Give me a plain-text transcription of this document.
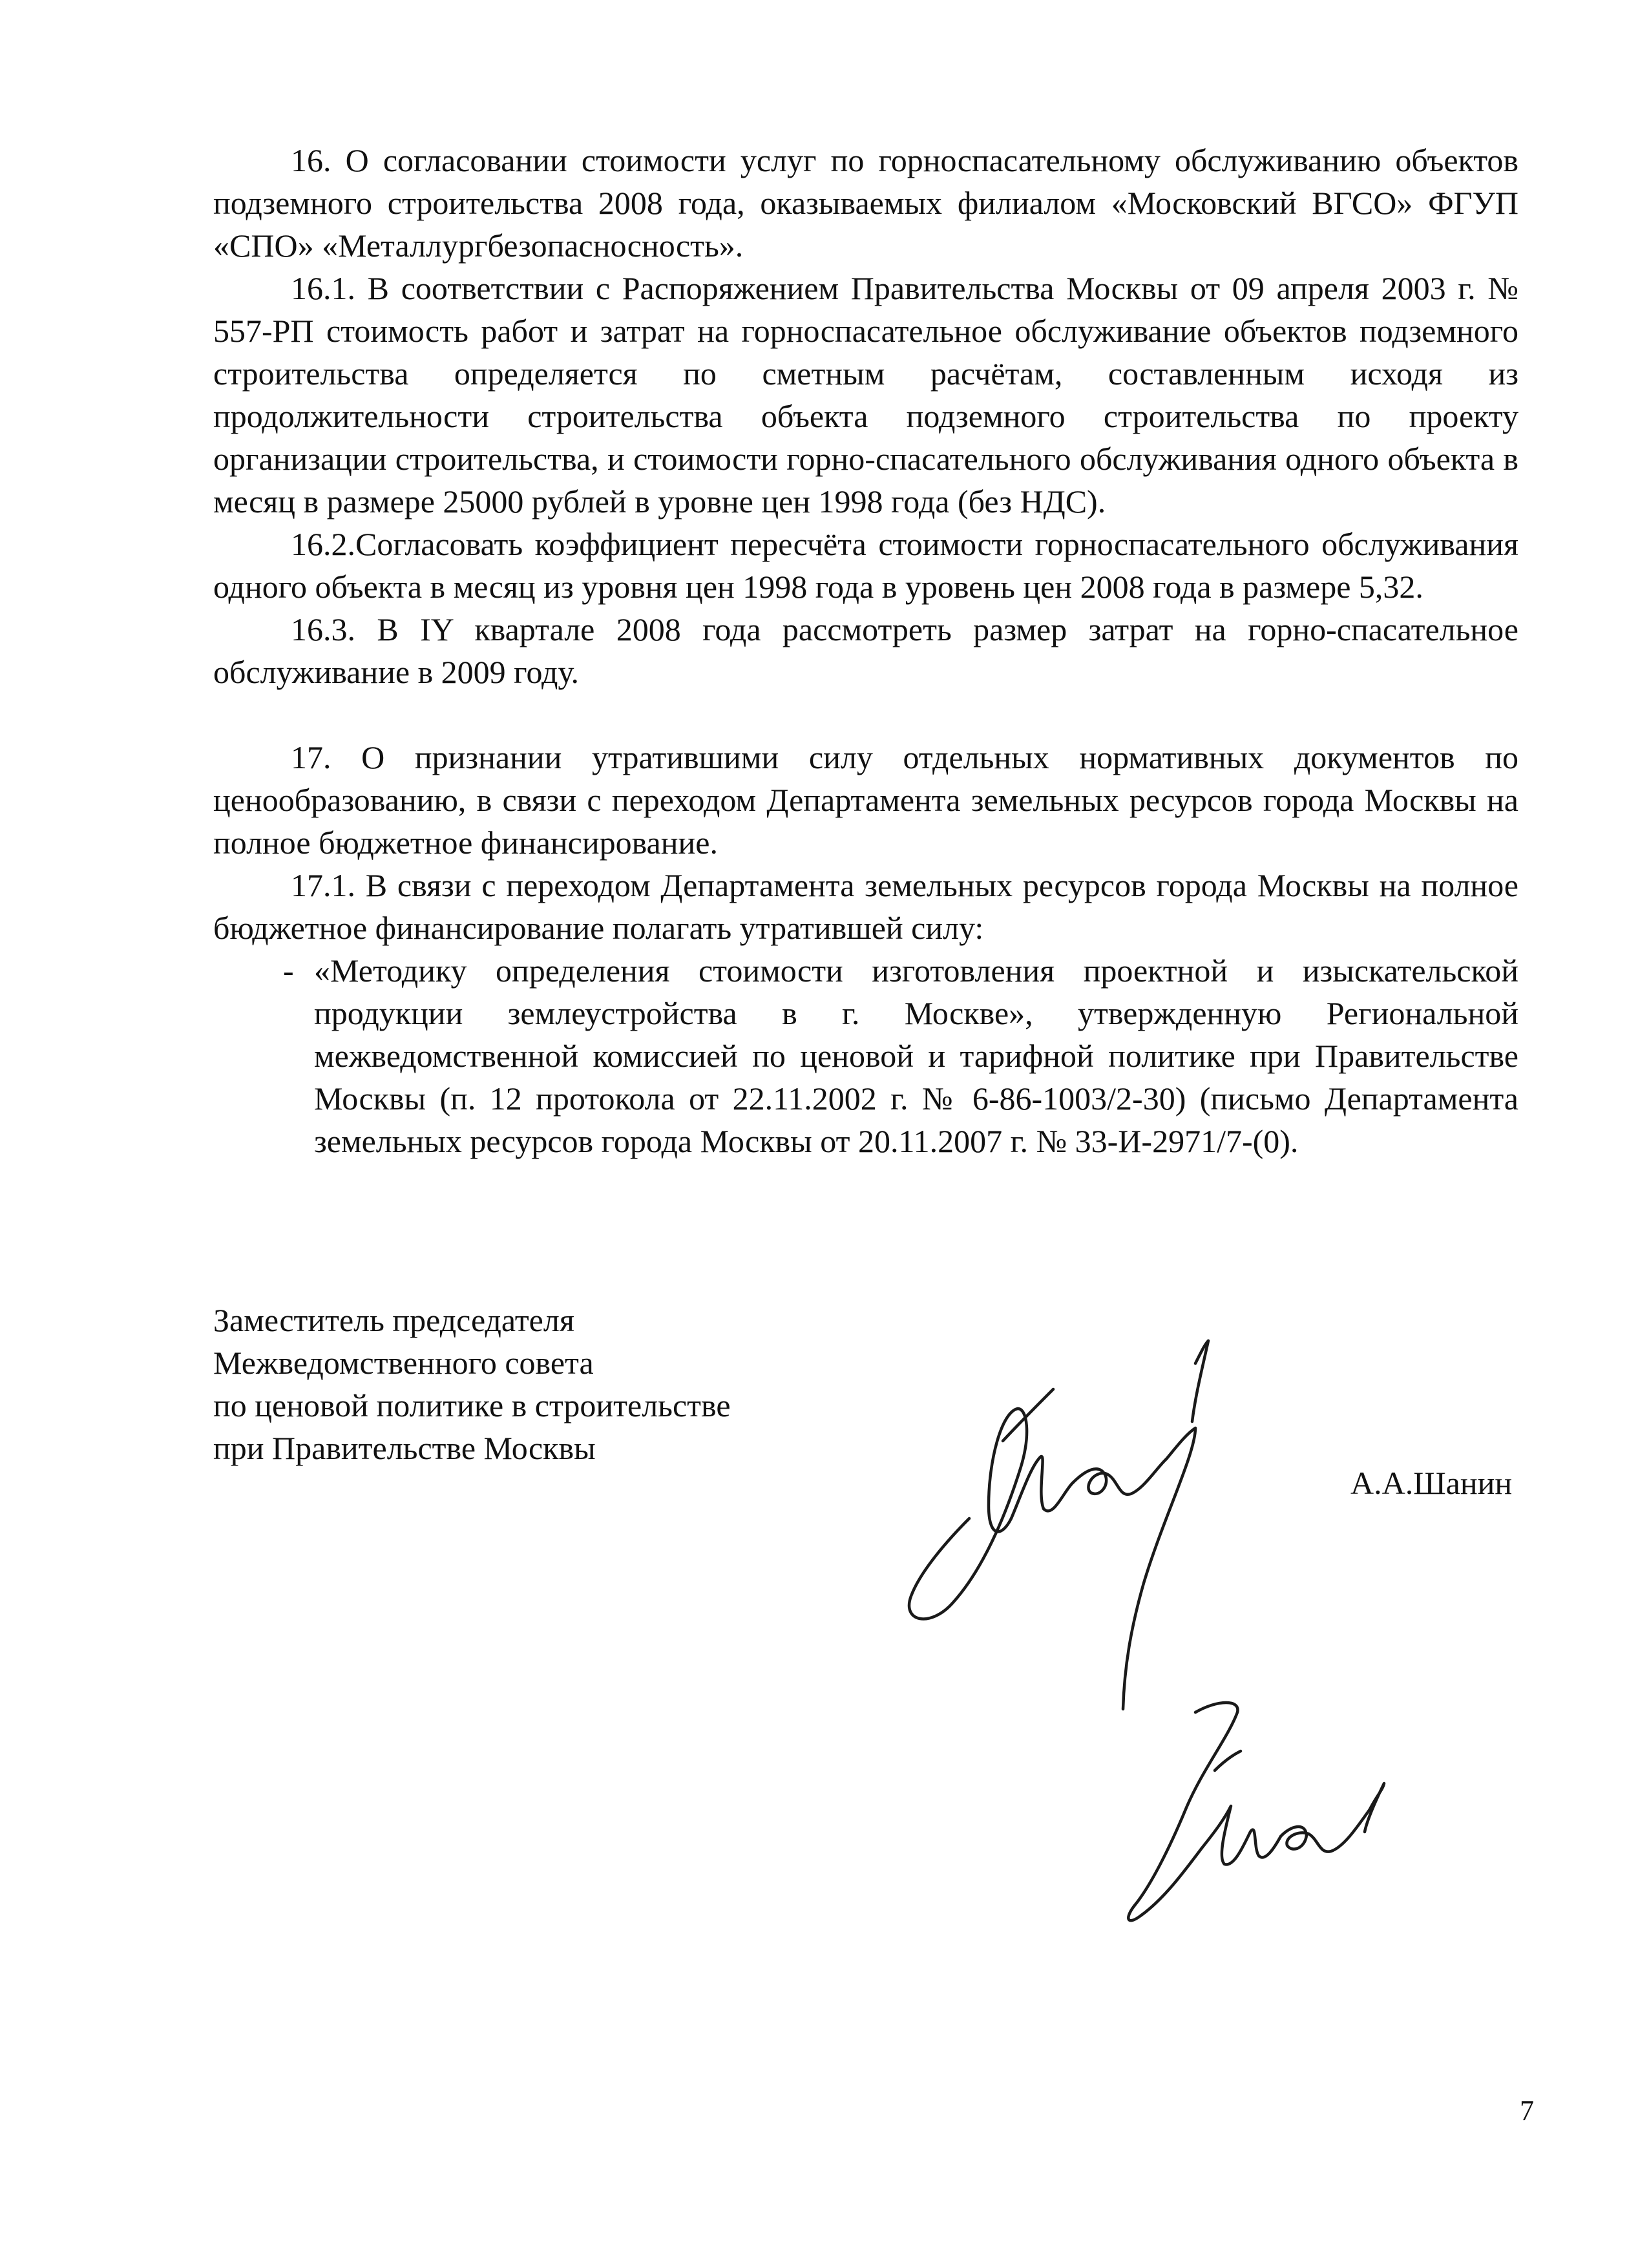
16. О согласовании стоимости услуг по горноспасательному обслуживанию объектов подземного строительства 2008 года, оказываемых филиалом «Московский ВГСО» ФГУП «СПО» «Металлургбезопасносность».

16.1. В соответствии с Распоряжением Правительства Москвы от 09 апреля 2003 г. № 557-РП стоимость работ и затрат на горноспасательное обслуживание объектов подземного строительства определяется по сметным расчётам, составленным исходя из продолжительности строительства объекта подземного строительства по проекту организации строительства, и стоимости горно-спасательного обслуживания одного объекта в месяц в размере 25000 рублей в уровне цен 1998 года (без НДС).

16.2.Согласовать коэффициент пересчёта стоимости горноспасательного обслуживания одного объекта в месяц из уровня цен 1998 года в уровень цен 2008 года в размере 5,32.

16.3. В IY квартале 2008 года рассмотреть размер затрат на горно-спасательное обслуживание в 2009 году.

17. О признании утратившими силу отдельных нормативных документов по ценообразованию, в связи с переходом Департамента земельных ресурсов города Москвы на полное бюджетное финансирование.

17.1. В связи с переходом Департамента земельных ресурсов города Москвы на полное бюджетное финансирование полагать утратившей силу:

- «Методику определения стоимости изготовления проектной и изыскательской продукции землеустройства в г. Москве», утвержденную Региональной межведомственной комиссией по ценовой и тарифной политике при Правительстве Москвы (п. 12 протокола от 22.11.2002 г. № 6-86-1003/2-30) (письмо Департамента земельных ресурсов города Москвы от 20.11.2007 г. № 33-И-2971/7-(0).
Заместитель председателя
Межведомственного совета
по ценовой политике в строительстве
при Правительстве Москвы
А.А.Шанин
7
